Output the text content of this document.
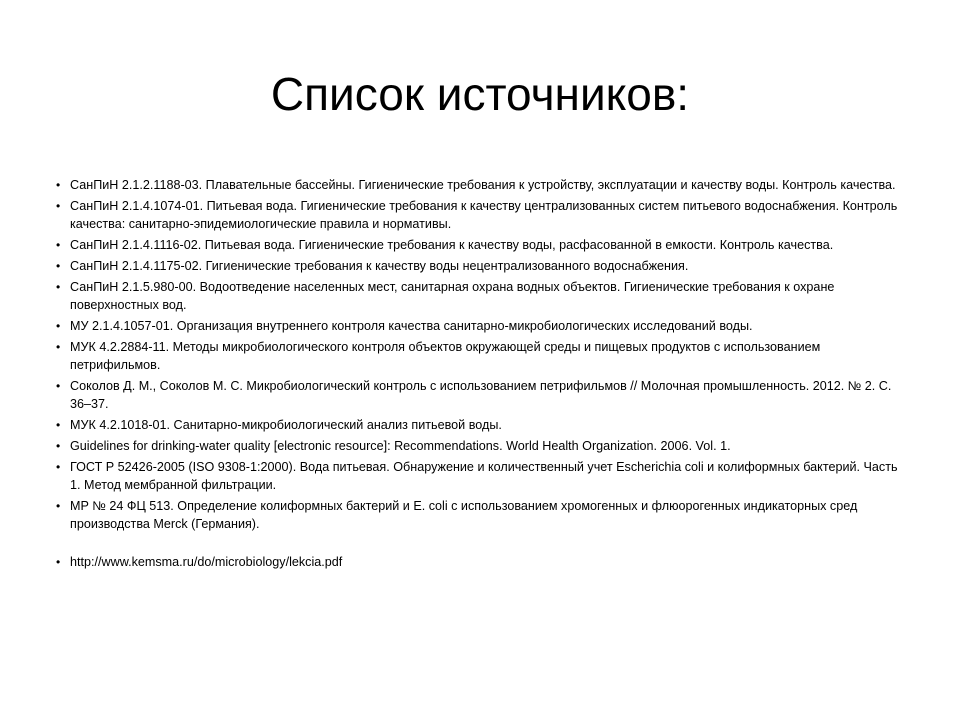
Список источников:
• СанПиН 2.1.2.1188-03. Плавательные бассейны. Гигиенические требования к устройству, эксплуатации и качеству воды. Контроль качества.
• СанПиН 2.1.4.1074-01. Питьевая вода. Гигиенические требования к качеству централизованных систем питьевого водоснабжения. Контроль качества: санитарно-эпидемиологические правила и нормативы.
• СанПиН 2.1.4.1116-02. Питьевая вода. Гигиенические требования к качеству воды, расфасованной в емкости. Контроль качества.
• СанПиН 2.1.4.1175-02. Гигиенические требования к качеству воды нецентрализованного водоснабжения.
• СанПиН 2.1.5.980-00. Водоотведение населенных мест, санитарная охрана водных объектов. Гигиенические требования к охране поверхностных вод.
• МУ 2.1.4.1057-01. Организация внутреннего контроля качества санитарно-микробиологических исследований воды.
• МУК 4.2.2884-11. Методы микробиологического контроля объектов окружающей среды и пищевых продуктов с использованием петрифильмов.
• Соколов Д. М., Соколов М. С. Микробиологический контроль с использованием петрифильмов // Молочная промышленность. 2012. № 2. С. 36–37.
• МУК 4.2.1018-01. Санитарно-микробиологический анализ питьевой воды.
• Guidelines for drinking-water quality [electronic resource]: Recommendations. World Health Organization. 2006. Vol. 1.
• ГОСТ Р 52426-2005 (ISO 9308-1:2000). Вода питьевая. Обнаружение и количественный учет Escherichia coli и колиформных бактерий. Часть 1. Метод мембранной фильтрации.
• МР № 24 ФЦ 513. Определение колиформных бактерий и E. coli с использованием хромогенных и флюорогенных индикаторных сред производства Merck (Германия).
• http://www.kemsma.ru/do/microbiology/lekcia.pdf
